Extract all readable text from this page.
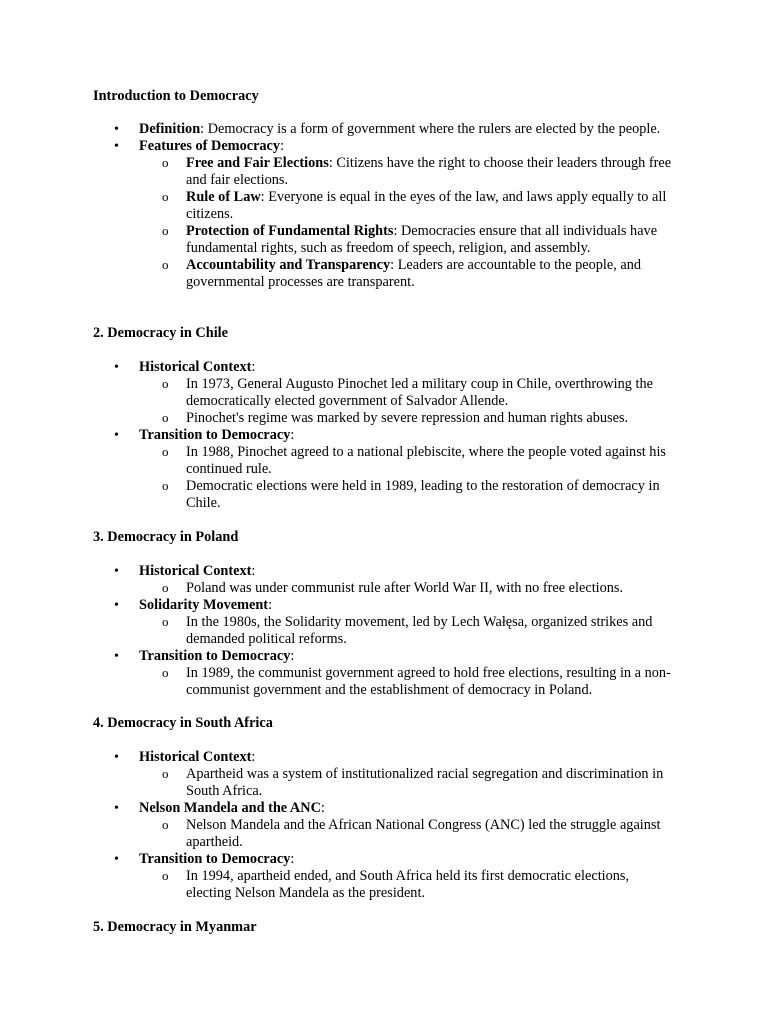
Introduction to Democracy
• Definition: Democracy is a form of government where the rulers are elected by the people.
• Features of Democracy:
o Free and Fair Elections: Citizens have the right to choose their leaders through free and fair elections.
o Rule of Law: Everyone is equal in the eyes of the law, and laws apply equally to all citizens.
o Protection of Fundamental Rights: Democracies ensure that all individuals have fundamental rights, such as freedom of speech, religion, and assembly.
o Accountability and Transparency: Leaders are accountable to the people, and governmental processes are transparent.
2. Democracy in Chile
• Historical Context:
o In 1973, General Augusto Pinochet led a military coup in Chile, overthrowing the democratically elected government of Salvador Allende.
o Pinochet's regime was marked by severe repression and human rights abuses.
• Transition to Democracy:
o In 1988, Pinochet agreed to a national plebiscite, where the people voted against his continued rule.
o Democratic elections were held in 1989, leading to the restoration of democracy in Chile.
3. Democracy in Poland
• Historical Context:
o Poland was under communist rule after World War II, with no free elections.
• Solidarity Movement:
o In the 1980s, the Solidarity movement, led by Lech Wałęsa, organized strikes and demanded political reforms.
• Transition to Democracy:
o In 1989, the communist government agreed to hold free elections, resulting in a non-communist government and the establishment of democracy in Poland.
4. Democracy in South Africa
• Historical Context:
o Apartheid was a system of institutionalized racial segregation and discrimination in South Africa.
• Nelson Mandela and the ANC:
o Nelson Mandela and the African National Congress (ANC) led the struggle against apartheid.
• Transition to Democracy:
o In 1994, apartheid ended, and South Africa held its first democratic elections, electing Nelson Mandela as the president.
5. Democracy in Myanmar
